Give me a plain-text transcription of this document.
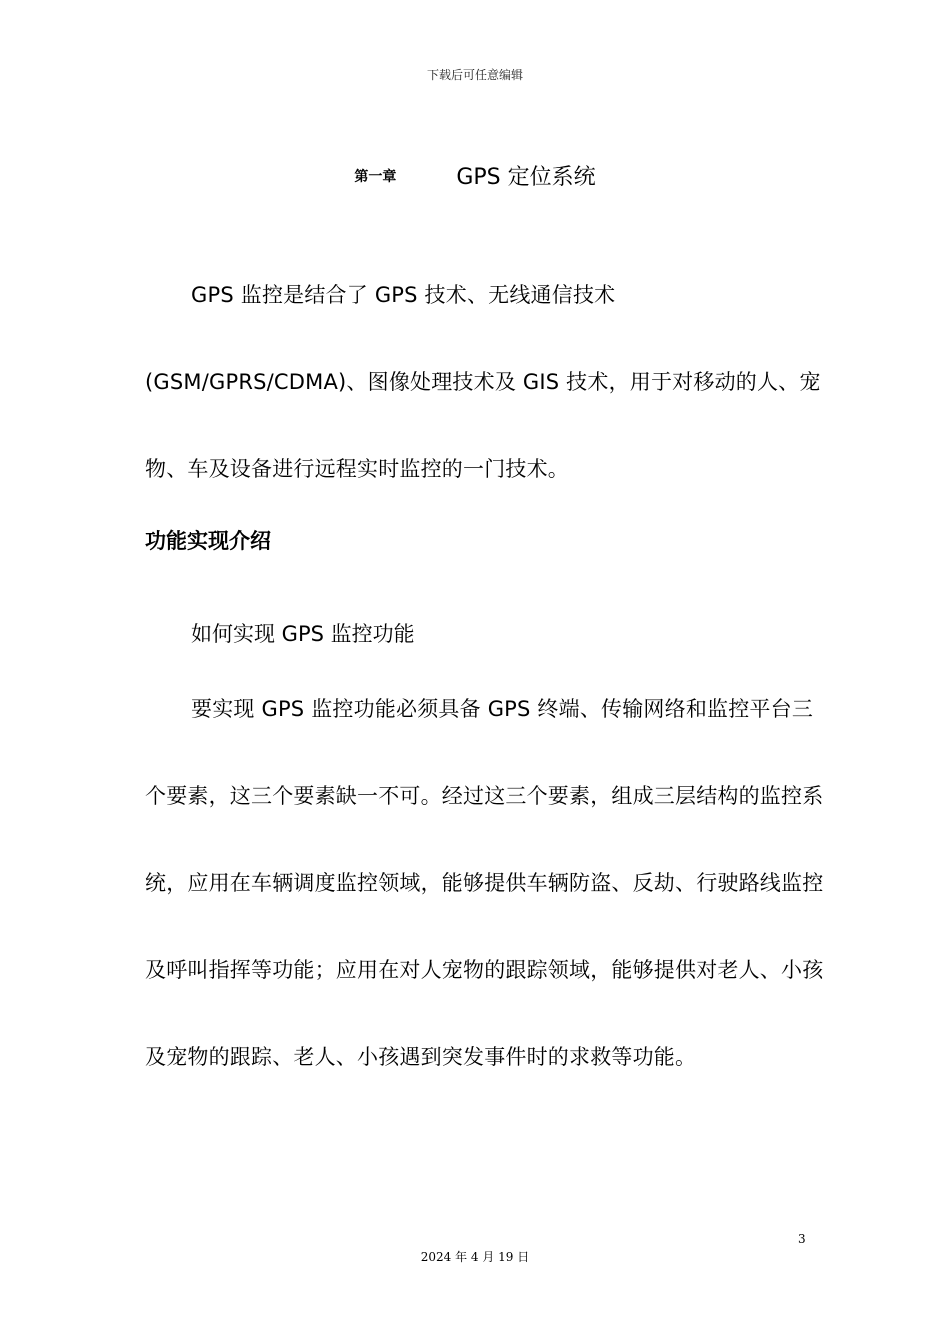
下载后可任意编辑
第一章	GPS 定位系统

GPS 监控是结合了 GPS 技术、无线通信技术(GSM/GPRS/CDMA)、图像处理技术及 GIS 技术，用于对移动的人、宠物、车及设备进行远程实时监控的一门技术。

功能实现介绍
如何实现 GPS 监控功能

要实现 GPS 监控功能必须具备 GPS 终端、传输网络和监控平台三个要素，这三个要素缺一不可。经过这三个要素，组成三层结构的监控系统，应用在车辆调度监控领域，能够提供车辆防盗、反劫、行驶路线监控及呼叫指挥等功能；应用在对人宠物的跟踪领域，能够提供对老人、小孩及宠物的跟踪、老人、小孩遇到突发事件时的求救等功能。

3
2024 年 4 月 19 日
